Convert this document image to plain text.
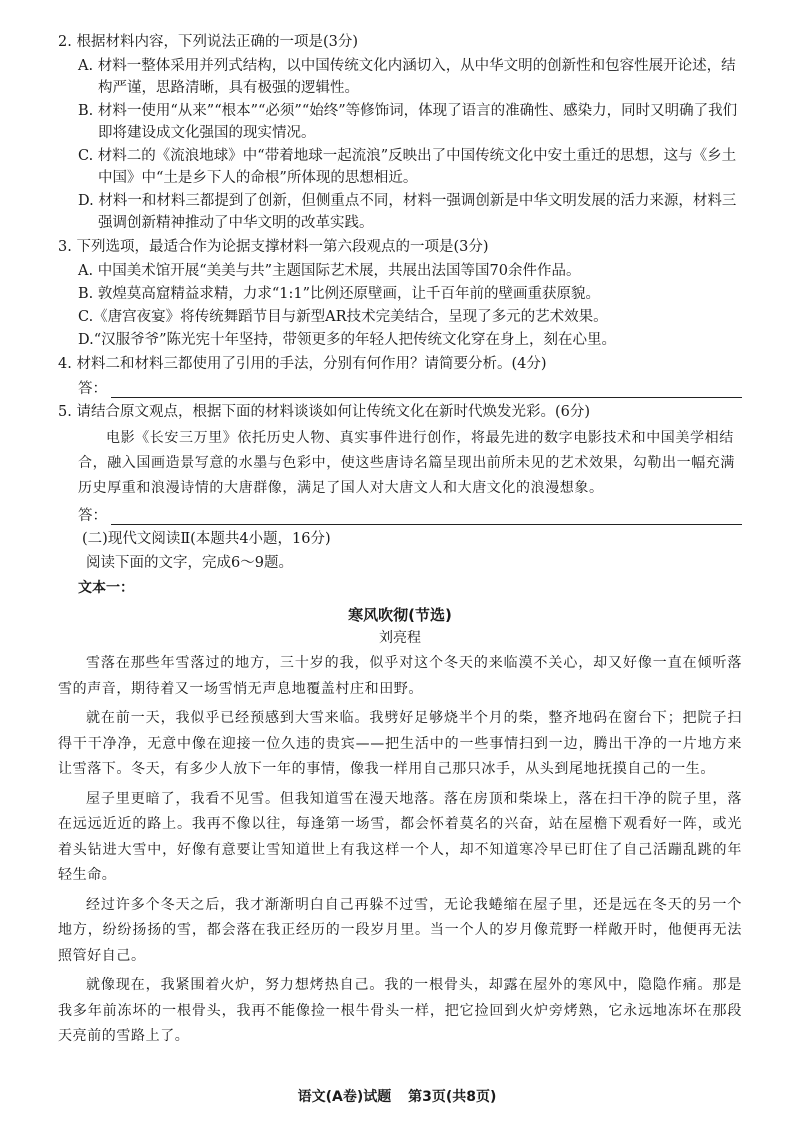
2. 根据材料内容，下列说法正确的一项是(3分)

A. 材料一整体采用并列式结构，以中国传统文化内涵切入，从中华文明的创新性和包容性展开论述，结构严谨，思路清晰，具有极强的逻辑性。

B. 材料一使用“从来”“根本”“必须”“始终”等修饰词，体现了语言的准确性、感染力，同时又明确了我们即将建设成文化强国的现实情况。

C. 材料二的《流浪地球》中“带着地球一起流浪”反映出了中国传统文化中安土重迁的思想，这与《乡土中国》中“土是乡下人的命根”所体现的思想相近。

D. 材料一和材料三都提到了创新，但侧重点不同，材料一强调创新是中华文明发展的活力来源，材料三强调创新精神推动了中华文明的改革实践。

3. 下列选项，最适合作为论据支撑材料一第六段观点的一项是(3分)

A. 中国美术馆开展“美美与共”主题国际艺术展，共展出法国等国70余件作品。

B. 敦煌莫高窟精益求精，力求“1:1”比例还原壁画，让千百年前的壁画重获原貌。

C.《唐宫夜宴》将传统舞蹈节目与新型AR技术完美结合，呈现了多元的艺术效果。

D.“汉服爷爷”陈光宪十年坚持，带领更多的年轻人把传统文化穿在身上，刻在心里。

4. 材料二和材料三都使用了引用的手法，分别有何作用？请简要分析。(4分)

答：

5. 请结合原文观点，根据下面的材料谈谈如何让传统文化在新时代焕发光彩。(6分)

电影《长安三万里》依托历史人物、真实事件进行创作，将最先进的数字电影技术和中国美学相结合，融入国画造景写意的水墨与色彩中，使这些唐诗名篇呈现出前所未见的艺术效果，勾勒出一幅充满历史厚重和浪漫诗情的大唐群像，满足了国人对大唐文人和大唐文化的浪漫想象。

答：
(二)现代文阅读Ⅱ(本题共4小题，16分)
阅读下面的文字，完成6～9题。
文本一：
寒风吹彻(节选)
刘亮程

雪落在那些年雪落过的地方，三十岁的我，似乎对这个冬天的来临漠不关心，却又好像一直在倾听落雪的声音，期待着又一场雪悄无声息地覆盖村庄和田野。

就在前一天，我似乎已经预感到大雪来临。我劈好足够烧半个月的柴，整齐地码在窗台下；把院子扫得干干净净，无意中像在迎接一位久违的贵宾——把生活中的一些事情扫到一边，腾出干净的一片地方来让雪落下。冬天，有多少人放下一年的事情，像我一样用自己那只冰手，从头到尾地抚摸自己的一生。

屋子里更暗了，我看不见雪。但我知道雪在漫天地落。落在房顶和柴垛上，落在扫干净的院子里，落在远远近近的路上。我再不像以往，每逢第一场雪，都会怀着莫名的兴奋，站在屋檐下观看好一阵，或光着头钻进大雪中，好像有意要让雪知道世上有我这样一个人，却不知道寒冷早已盯住了自己活蹦乱跳的年轻生命。

经过许多个冬天之后，我才渐渐明白自己再躲不过雪，无论我蜷缩在屋子里，还是远在冬天的另一个地方，纷纷扬扬的雪，都会落在我正经历的一段岁月里。当一个人的岁月像荒野一样敞开时，他便再无法照管好自己。

就像现在，我紧围着火炉，努力想烤热自己。我的一根骨头，却露在屋外的寒风中，隐隐作痛。那是我多年前冻坏的一根骨头，我再不能像捡一根牛骨头一样，把它捡回到火炉旁烤熟，它永远地冻坏在那段天亮前的雪路上了。

语文(A卷)试题 第3页(共8页)
